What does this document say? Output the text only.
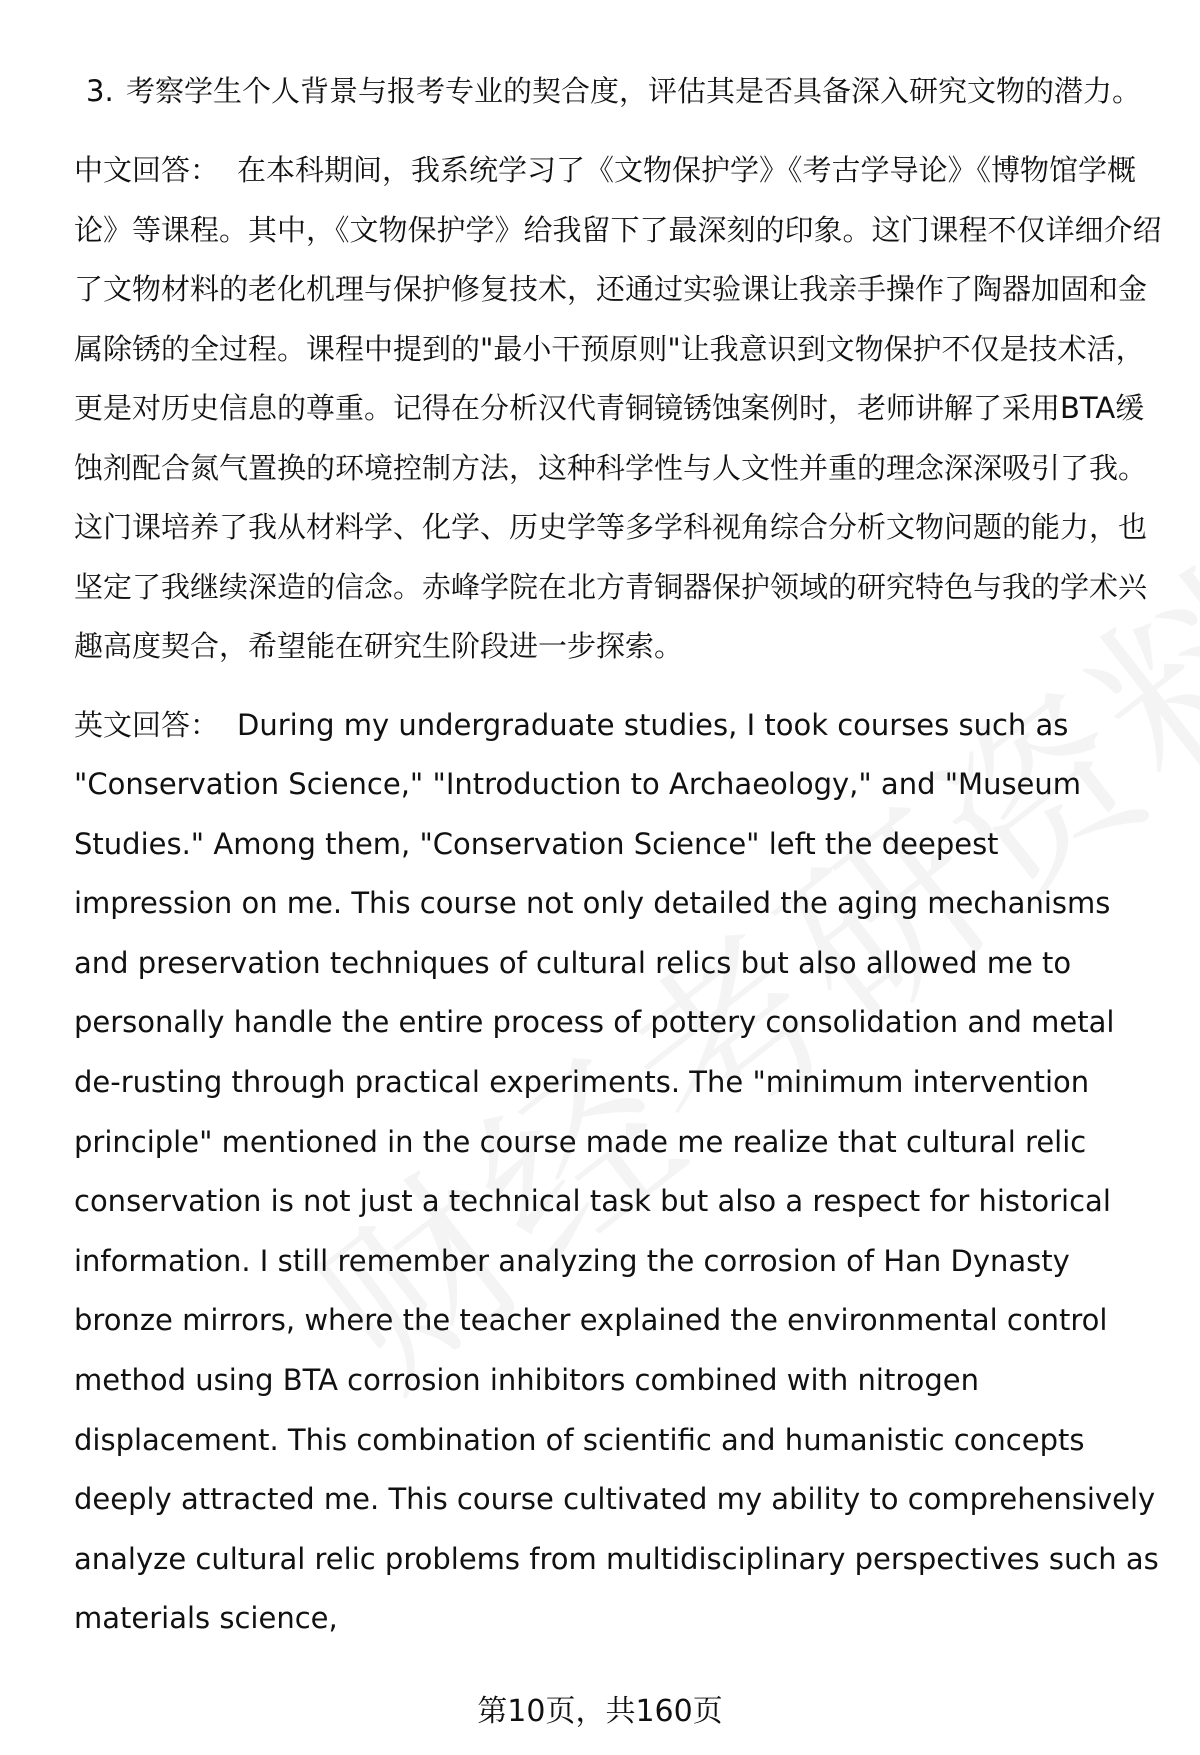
3. 考察学生个人背景与报考专业的契合度，评估其是否具备深入研究文物的潜力。

中文回答： 在本科期间，我系统学习了《文物保护学》《考古学导论》《博物馆学概论》等课程。其中，《文物保护学》给我留下了最深刻的印象。这门课程不仅详细介绍了文物材料的老化机理与保护修复技术，还通过实验课让我亲手操作了陶器加固和金属除锈的全过程。课程中提到的"最小干预原则"让我意识到文物保护不仅是技术活，更是对历史信息的尊重。记得在分析汉代青铜镜锈蚀案例时，老师讲解了采用BTA缓蚀剂配合氮气置换的环境控制方法，这种科学性与人文性并重的理念深深吸引了我。这门课培养了我从材料学、化学、历史学等多学科视角综合分析文物问题的能力，也坚定了我继续深造的信念。赤峰学院在北方青铜器保护领域的研究特色与我的学术兴趣高度契合，希望能在研究生阶段进一步探索。

英文回答： During my undergraduate studies, I took courses such as "Conservation Science," "Introduction to Archaeology," and "Museum Studies." Among them, "Conservation Science" left the deepest impression on me. This course not only detailed the aging mechanisms and preservation techniques of cultural relics but also allowed me to personally handle the entire process of pottery consolidation and metal de-rusting through practical experiments. The "minimum intervention principle" mentioned in the course made me realize that cultural relic conservation is not just a technical task but also a respect for historical information. I still remember analyzing the corrosion of Han Dynasty bronze mirrors, where the teacher explained the environmental control method using BTA corrosion inhibitors combined with nitrogen displacement. This combination of scientific and humanistic concepts deeply attracted me. This course cultivated my ability to comprehensively analyze cultural relic problems from multidisciplinary perspectives such as materials science,

第10页，共160页
